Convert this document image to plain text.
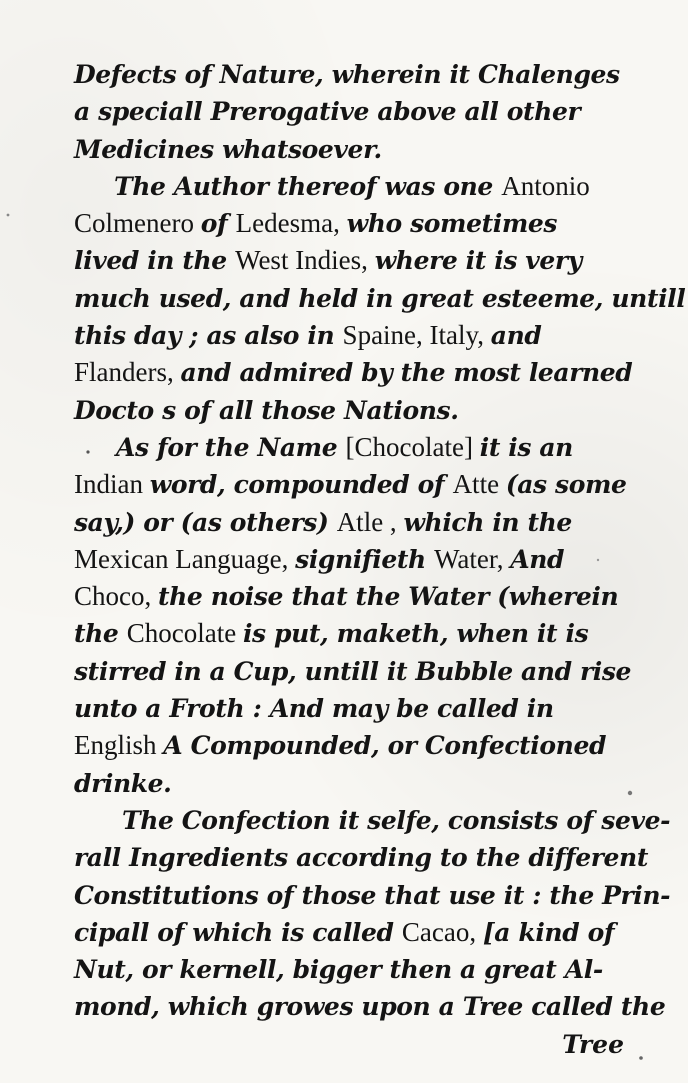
Defects of Nature, wherein it Chalenges
a speciall Prerogative above all other
Medicines whatsoever.
The Author thereof was one Antonio
Colmenero of Ledesma, who sometimes
lived in the West Indies, where it is very
much used, and held in great esteeme, untill
this day ; as also in Spaine, Italy, and
Flanders, and admired by the most learned
Docto s of all those Nations.
As for the Name [Chocolate] it is an
Indian word, compounded of Atte (as some
say,) or (as others) Atle , which in the
Mexican Language, signifieth Water, And
Choco, the noise that the Water (wherein
the Chocolate is put, maketh, when it is
stirred in a Cup, untill it Bubble and rise
unto a Froth : And may be called in
English A Compounded, or Confectioned
drinke.
The Confection it selfe, consists of seve-
rall Ingredients according to the different
Constitutions of those that use it : the Prin-
cipall of which is called Cacao, [a kind of
Nut, or kernell, bigger then a great Al-
mond, which growes upon a Tree called the
Tree
